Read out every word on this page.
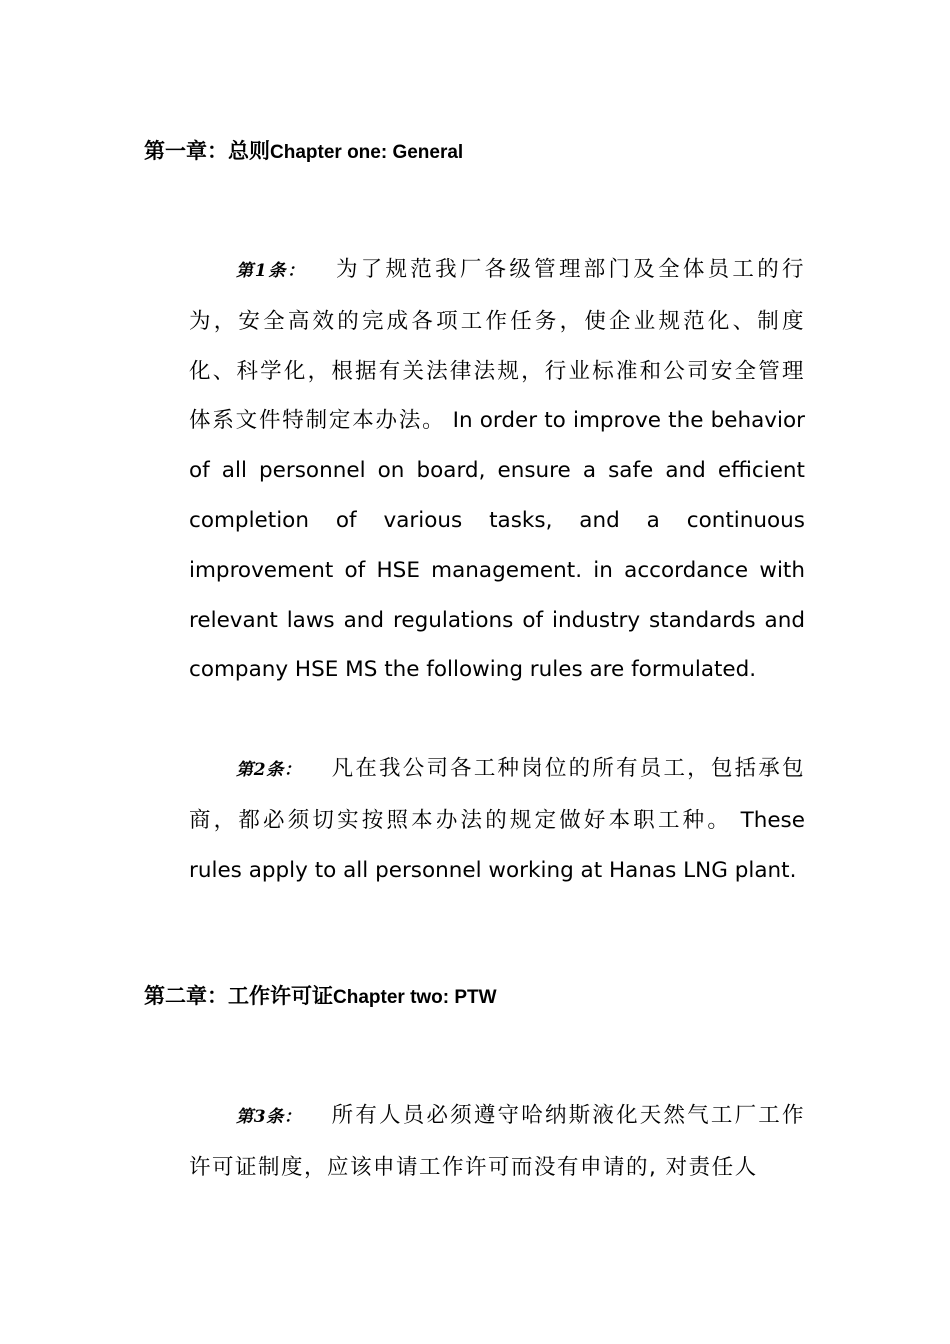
第一章：总则Chapter one: General
第1条： 为了规范我厂各级管理部门及全体员工的行为，安全高效的完成各项工作任务，使企业规范化、制度化、科学化，根据有关法律法规，行业标准和公司安全管理体系文件特制定本办法。 In order to improve the behavior of all personnel on board, ensure a safe and efficient completion of various tasks, and a continuous improvement of HSE management. in accordance with relevant laws and regulations of industry standards and company HSE MS the following rules are formulated.
第2条： 凡在我公司各工种岗位的所有员工，包括承包商，都必须切实按照本办法的规定做好本职工种。 These rules apply to all personnel working at Hanas LNG plant.
第二章：工作许可证Chapter two: PTW
第3条： 所有人员必须遵守哈纳斯液化天然气工厂工作许可证制度，应该申请工作许可而没有申请的, 对责任人
